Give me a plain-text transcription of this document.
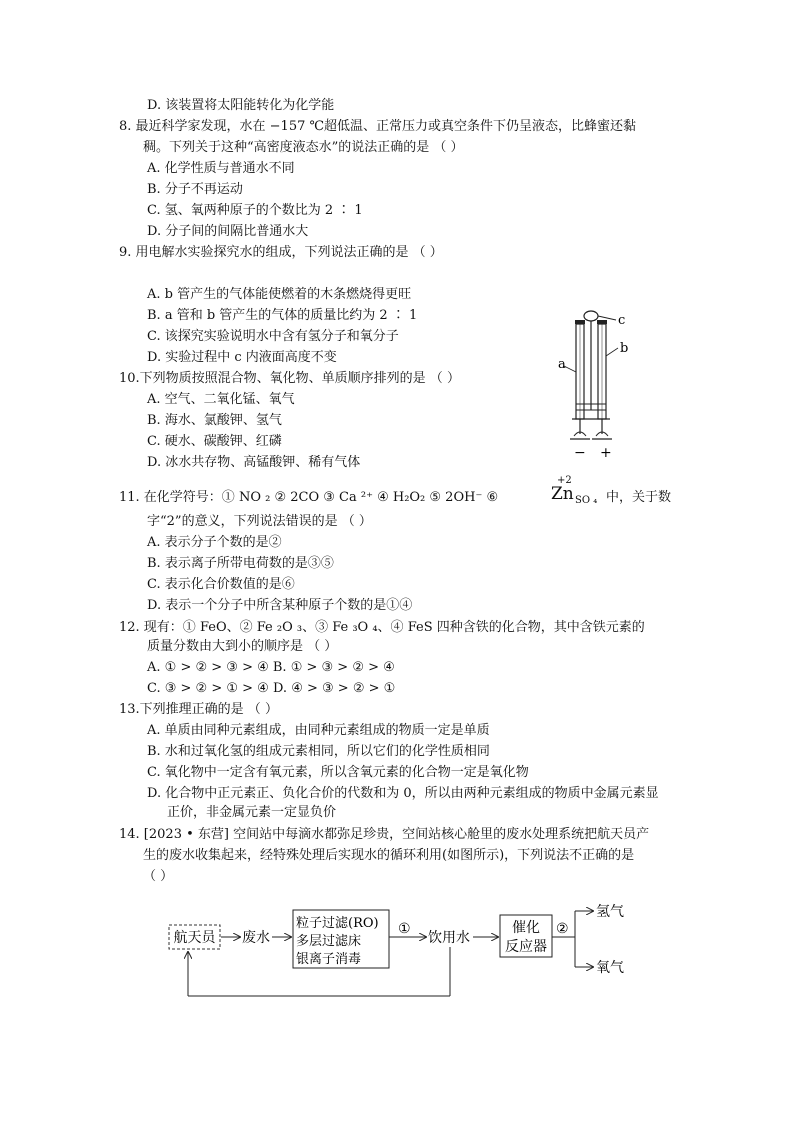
D. 该装置将太阳能转化为化学能
8. 最近科学家发现，水在 −157 ℃超低温、正常压力或真空条件下仍呈液态，比蜂蜜还黏
稠。下列关于这种“高密度液态水”的说法正确的是 （ ）
A. 化学性质与普通水不同
B. 分子不再运动
C. 氢、氧两种原子的个数比为 2 ∶ 1
D. 分子间的间隔比普通水大
9. 用电解水实验探究水的组成，下列说法正确的是 （ ）
A. b 管产生的气体能使燃着的木条燃烧得更旺
B. a 管和 b 管产生的气体的质量比约为 2 ∶ 1
C. 该探究实验说明水中含有氢分子和氧分子
D. 实验过程中 c 内液面高度不变
10.下列物质按照混合物、氧化物、单质顺序排列的是 （ ）
A. 空气、二氧化锰、氧气
B. 海水、氯酸钾、氢气
C. 硬水、碳酸钾、红磷
D. 冰水共存物、高锰酸钾、稀有气体
11. 在化学符号：① NO ₂ ② 2CO ③ Ca ²⁺ ④ H₂O₂ ⑤ 2OH⁻ ⑥	Zn SO ₄
+2
中，关于数
字“2”的意义，下列说法错误的是 （ ）
A. 表示分子个数的是②
B. 表示离子所带电荷数的是③⑤
C. 表示化合价数值的是⑥
D. 表示一个分子中所含某种原子个数的是①④
12. 现有：① FeO、② Fe ₂O ₃、③ Fe ₃O ₄、④ FeS 四种含铁的化合物，其中含铁元素的
质量分数由大到小的顺序是 （ ）
A. ① > ② > ③ > ④ B. ① > ③ > ② > ④
C. ③ > ② > ① > ④ D. ④ > ③ > ② > ①
13.下列推理正确的是 （ ）
A. 单质由同种元素组成，由同种元素组成的物质一定是单质
B. 水和过氧化氢的组成元素相同，所以它们的化学性质相同
C. 氧化物中一定含有氧元素，所以含氧元素的化合物一定是氧化物
D. 化合物中正元素正、负化合价的代数和为 0，所以由两种元素组成的物质中金属元素显
正价，非金属元素一定显负价
14. [2023 • 东营] 空间站中每滴水都弥足珍贵，空间站核心舱里的废水处理系统把航天员产
生的废水收集起来，经特殊处理后实现水的循环利用(如图所示)，下列说法不正确的是
（ ）
c
b
a
− +
航天员 废水
粒子过滤(RO)
多层过滤床
银离子消毒
①
饮用水
催化
反应器
②
氢气
氧气
